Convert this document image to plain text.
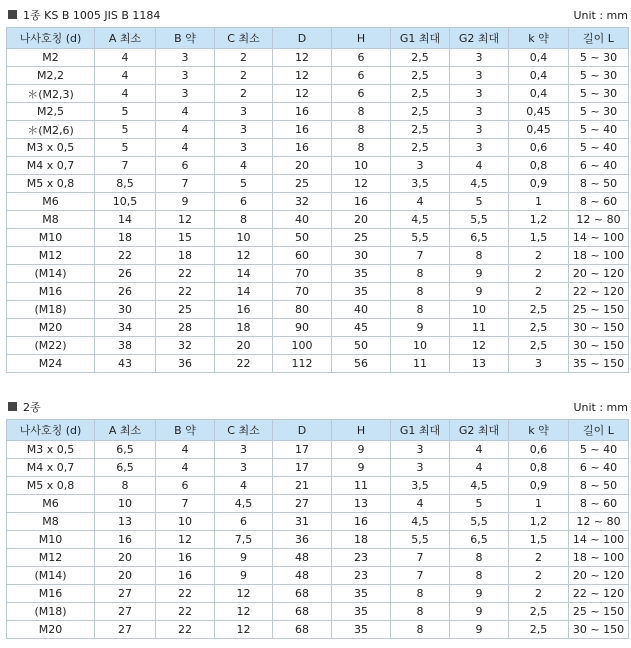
1종 KS B 1005 JIS B 1184	Unit : mm
나사호칭 (d)	A 최소	B 약	C 최소	D	H	G1 최대	G2 최대	k 약	길이 L
M2	4	3	2	12	6	2,5	3	0,4	5 ~ 30
M2,2	4	3	2	12	6	2,5	3	0,4	5 ~ 30
＊(M2,3)	4	3	2	12	6	2,5	3	0,4	5 ~ 30
M2,5	5	4	3	16	8	2,5	3	0,45	5 ~ 30
＊(M2,6)	5	4	3	16	8	2,5	3	0,45	5 ~ 40
M3 x 0,5	5	4	3	16	8	2,5	3	0,6	5 ~ 40
M4 x 0,7	7	6	4	20	10	3	4	0,8	6 ~ 40
M5 x 0,8	8,5	7	5	25	12	3,5	4,5	0,9	8 ~ 50
M6	10,5	9	6	32	16	4	5	1	8 ~ 60
M8	14	12	8	40	20	4,5	5,5	1,2	12 ~ 80
M10	18	15	10	50	25	5,5	6,5	1,5	14 ~ 100
M12	22	18	12	60	30	7	8	2	18 ~ 100
(M14)	26	22	14	70	35	8	9	2	20 ~ 120
M16	26	22	14	70	35	8	9	2	22 ~ 120
(M18)	30	25	16	80	40	8	10	2,5	25 ~ 150
M20	34	28	18	90	45	9	11	2,5	30 ~ 150
(M22)	38	32	20	100	50	10	12	2,5	30 ~ 150
M24	43	36	22	112	56	11	13	3	35 ~ 150
2종	Unit : mm
나사호칭 (d)	A 최소	B 약	C 최소	D	H	G1 최대	G2 최대	k 약	길이 L
M3 x 0,5	6,5	4	3	17	9	3	4	0,6	5 ~ 40
M4 x 0,7	6,5	4	3	17	9	3	4	0,8	6 ~ 40
M5 x 0,8	8	6	4	21	11	3,5	4,5	0,9	8 ~ 50
M6	10	7	4,5	27	13	4	5	1	8 ~ 60
M8	13	10	6	31	16	4,5	5,5	1,2	12 ~ 80
M10	16	12	7,5	36	18	5,5	6,5	1,5	14 ~ 100
M12	20	16	9	48	23	7	8	2	18 ~ 100
(M14)	20	16	9	48	23	7	8	2	20 ~ 120
M16	27	22	12	68	35	8	9	2	22 ~ 120
(M18)	27	22	12	68	35	8	9	2,5	25 ~ 150
M20	27	22	12	68	35	8	9	2,5	30 ~ 150
